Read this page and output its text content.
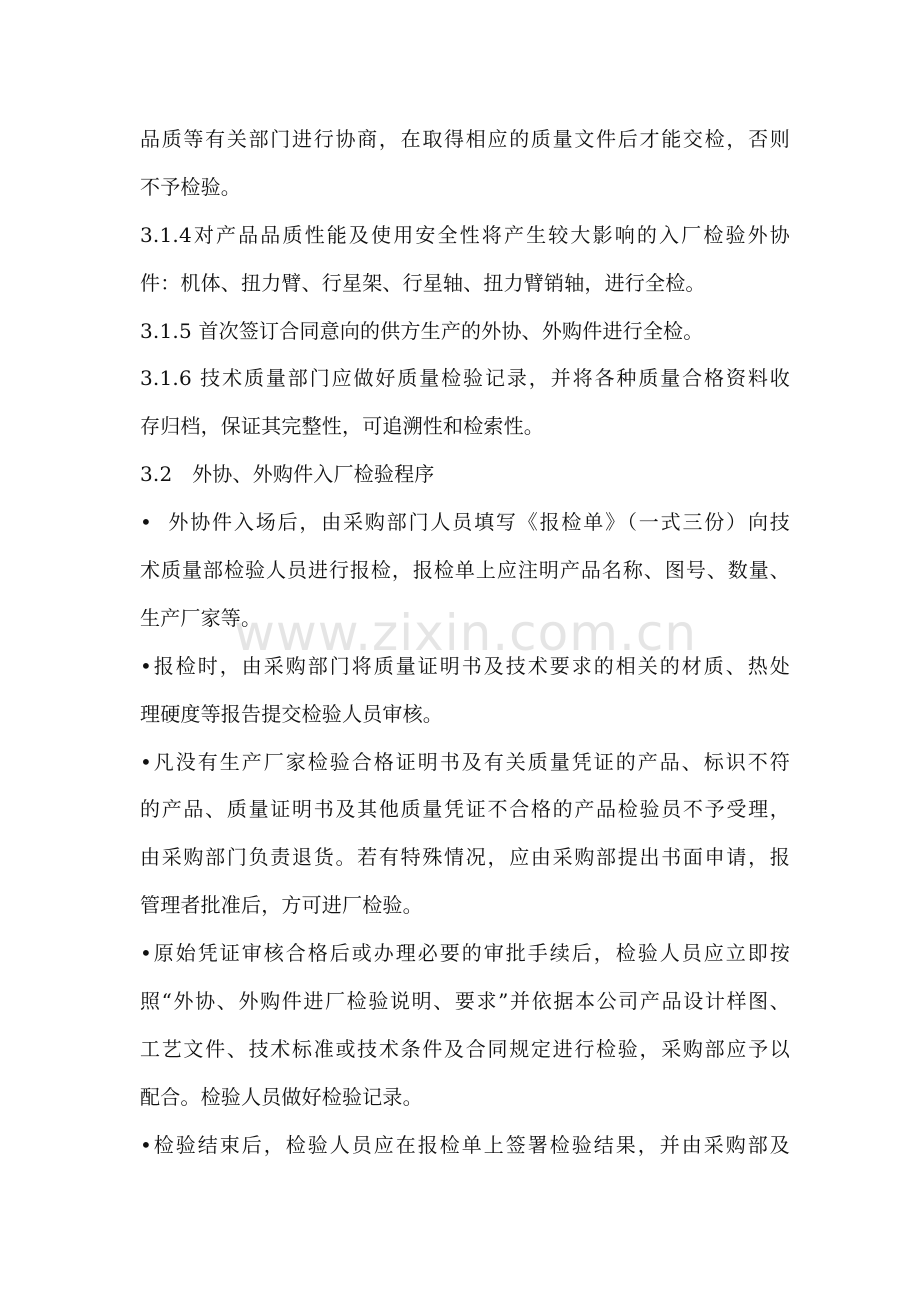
品质等有关部门进行协商，在取得相应的质量文件后才能交检，否则
不予检验。
3.1.4对产品品质性能及使用安全性将产生较大影响的入厂检验外协
件：机体、扭力臂、行星架、行星轴、扭力臂销轴，进行全检。
3.1.5 首次签订合同意向的供方生产的外协、外购件进行全检。
3.1.6 技术质量部门应做好质量检验记录，并将各种质量合格资料收
存归档，保证其完整性，可追溯性和检索性。
3.2   外协、外购件入厂检验程序
•  外协件入场后，由采购部门人员填写《报检单》（一式三份）向技
术质量部检验人员进行报检，报检单上应注明产品名称、图号、数量、
生产厂家等。
•报检时，由采购部门将质量证明书及技术要求的相关的材质、热处
理硬度等报告提交检验人员审核。
•凡没有生产厂家检验合格证明书及有关质量凭证的产品、标识不符
的产品、质量证明书及其他质量凭证不合格的产品检验员不予受理，
由采购部门负责退货。若有特殊情况，应由采购部提出书面申请，报
管理者批准后，方可进厂检验。
•原始凭证审核合格后或办理必要的审批手续后，检验人员应立即按
照“外协、外购件进厂检验说明、要求”并依据本公司产品设计样图、
工艺文件、技术标准或技术条件及合同规定进行检验，采购部应予以
配合。检验人员做好检验记录。
•检验结束后，检验人员应在报检单上签署检验结果，并由采购部及
www.zixin.com.cn
